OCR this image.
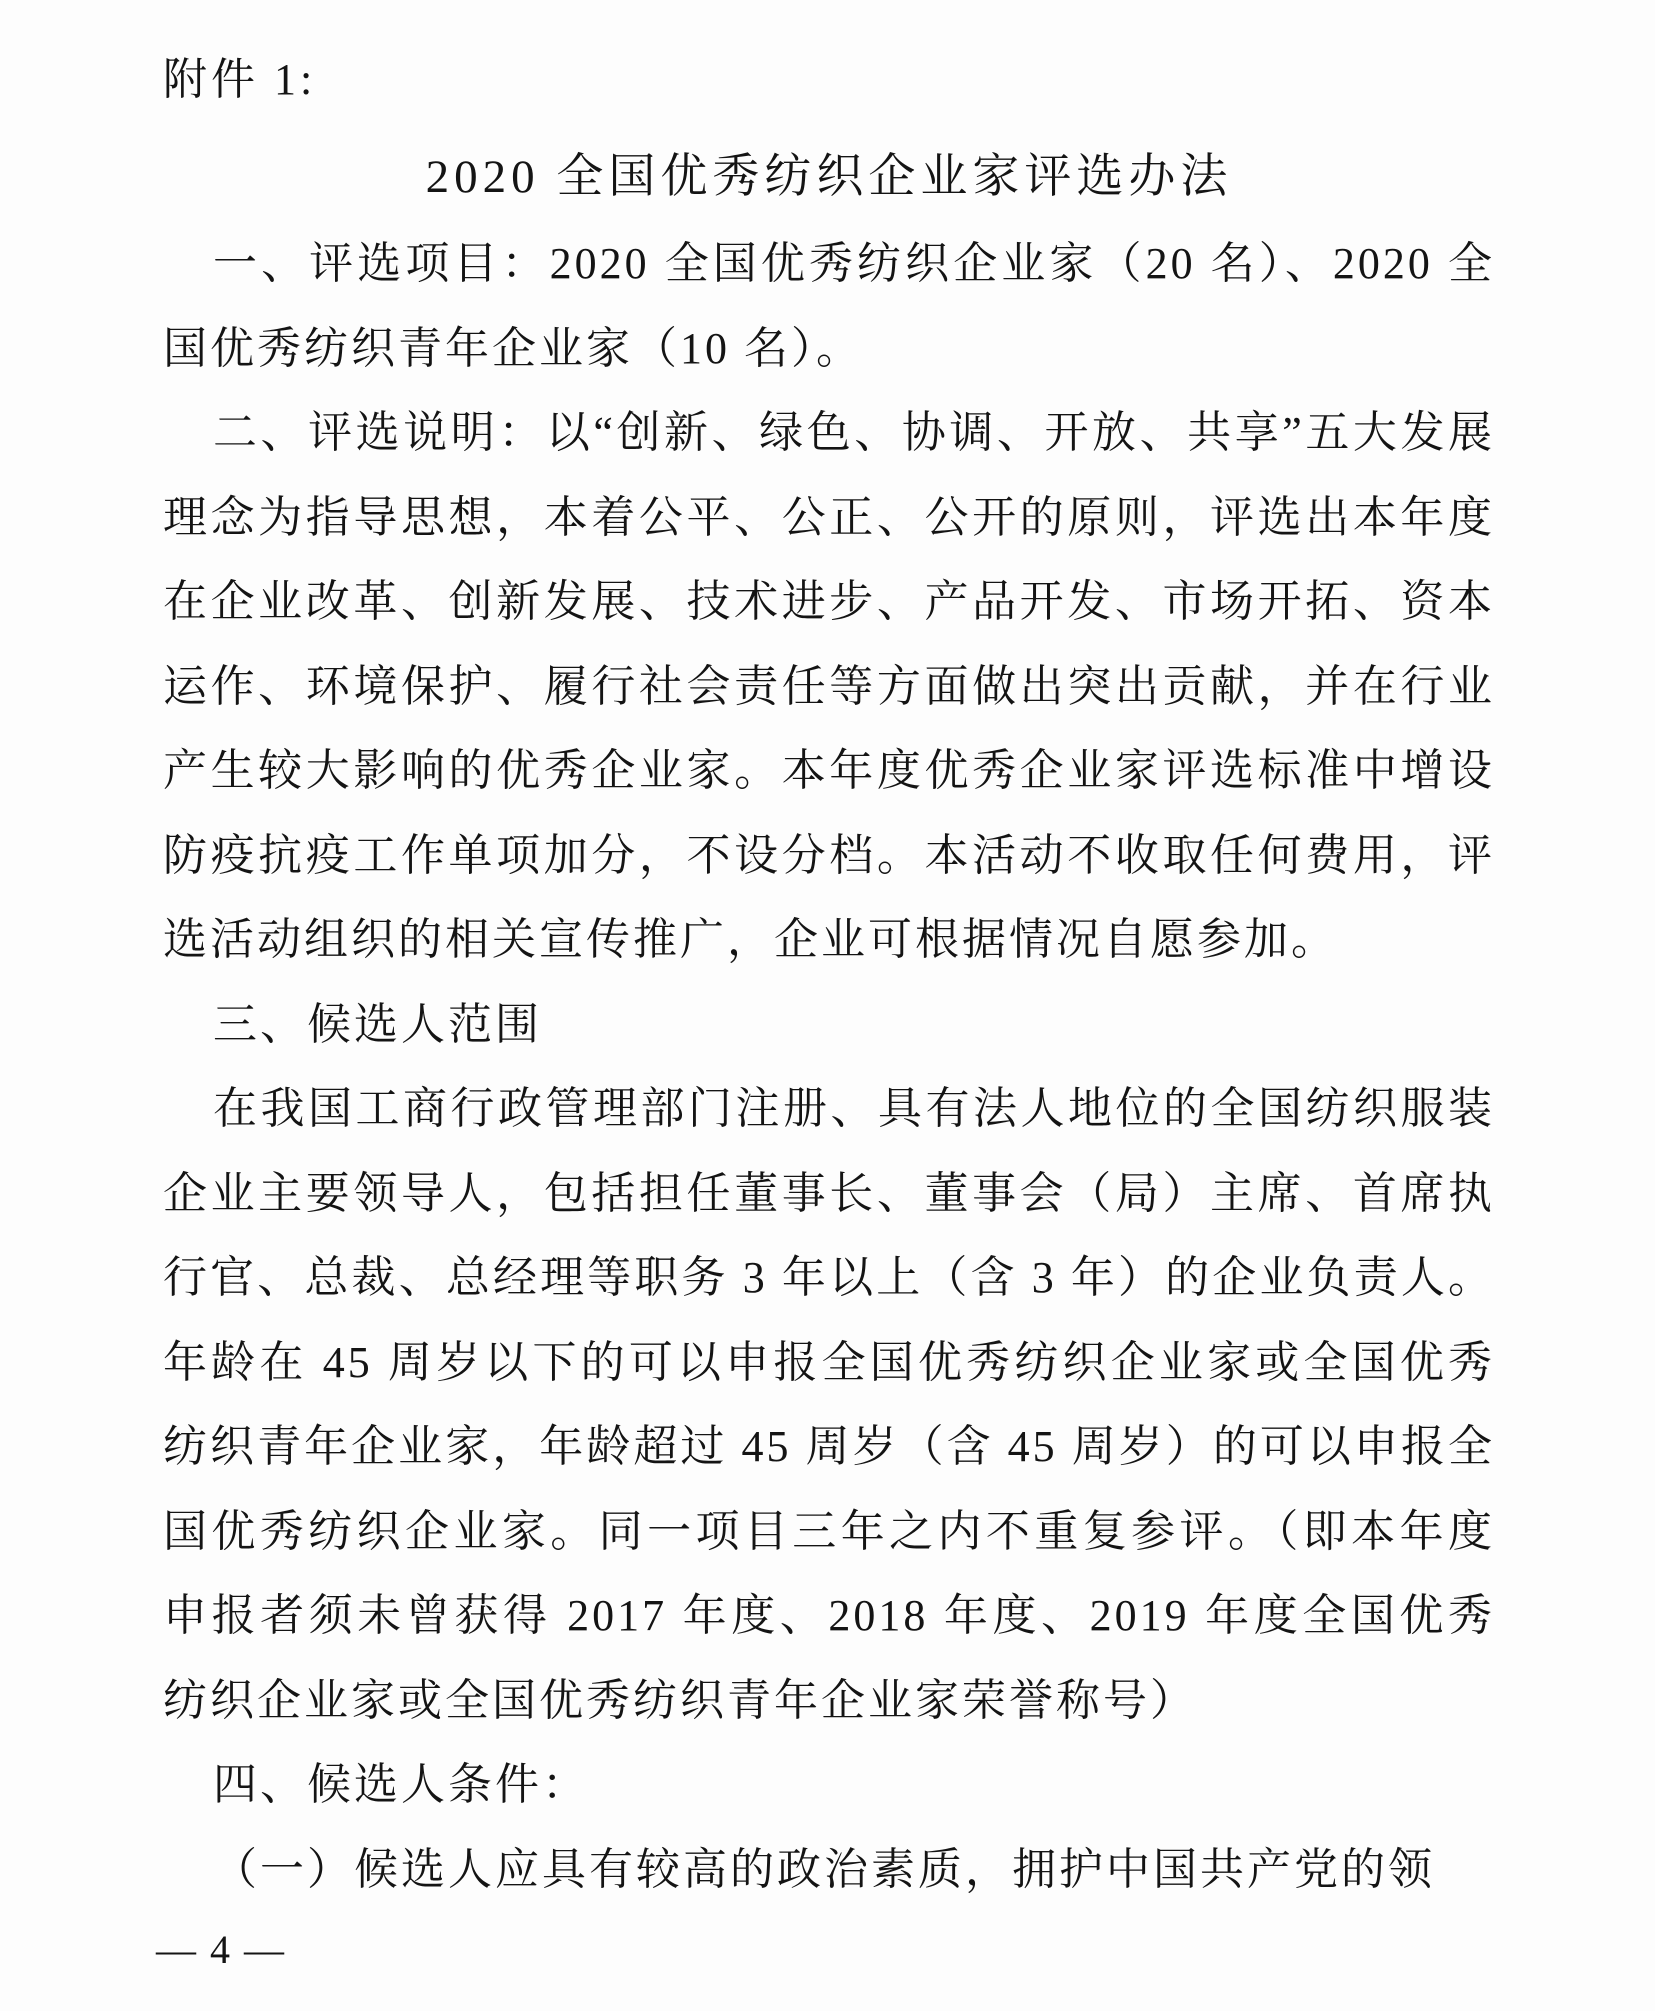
附件 1:

2020 全国优秀纺织企业家评选办法

一、评选项目：2020 全国优秀纺织企业家（20 名）、2020 全国优秀纺织青年企业家（10 名）。

二、评选说明：以“创新、绿色、协调、开放、共享”五大发展理念为指导思想，本着公平、公正、公开的原则，评选出本年度在企业改革、创新发展、技术进步、产品开发、市场开拓、资本运作、环境保护、履行社会责任等方面做出突出贡献，并在行业产生较大影响的优秀企业家。本年度优秀企业家评选标准中增设防疫抗疫工作单项加分，不设分档。本活动不收取任何费用，评选活动组织的相关宣传推广，企业可根据情况自愿参加。

三、候选人范围

在我国工商行政管理部门注册、具有法人地位的全国纺织服装企业主要领导人，包括担任董事长、董事会（局）主席、首席执行官、总裁、总经理等职务 3 年以上（含 3 年）的企业负责人。年龄在 45 周岁以下的可以申报全国优秀纺织企业家或全国优秀纺织青年企业家，年龄超过 45 周岁（含 45 周岁）的可以申报全国优秀纺织企业家。同一项目三年之内不重复参评。（即本年度申报者须未曾获得 2017 年度、2018 年度、2019 年度全国优秀纺织企业家或全国优秀纺织青年企业家荣誉称号）

四、候选人条件：

（一）候选人应具有较高的政治素质，拥护中国共产党的领

— 4 —
